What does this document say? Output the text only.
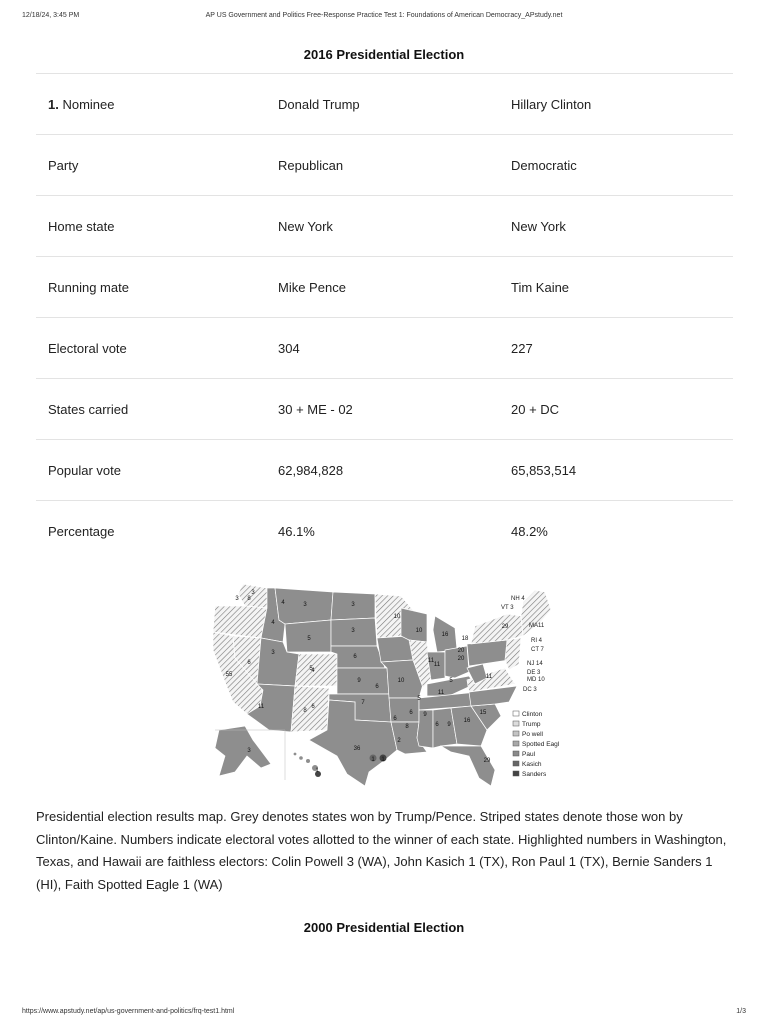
12/18/24, 3:45 PM	AP US Government and Politics Free-Response Practice Test 1: Foundations of American Democracy_APstudy.net
2016 Presidential Election
1. Nominee	Donald Trump	Hillary Clinton
Party	Republican	Democratic
Home state	New York	New York
Running mate	Mike Pence	Tim Kaine
Electoral vote	304	227
States carried	30 + ME - 02	20 + DC
Popular vote	62,984,828	65,853,514
Percentage	46.1%	48.2%
Clinton
Trump
Po well
Spotted Eagl
Paul
Kasich
Sanders
NH 4
VT 3
MA11
RI 4
CT 7
NJ 14
DE 3
MD 10
DC 3
3
8
4
3	3
10
3	10
16
29
55
6
3
5
6
5
9
20
11
18
6
6
10
20
11
11
9
6
8
5
7
6
8
11
5
36
6 9
16
15
29
3
1 1
4
1
2
3
4
11
Presidential election results map. Grey denotes states won by Trump/Pence. Striped states denote those won by Clinton/Kaine. Numbers indicate electoral votes allotted to the winner of each state. Highlighted numbers in Washington, Texas, and Hawaii are faithless electors: Colin Powell 3 (WA), John Kasich 1 (TX), Ron Paul 1 (TX), Bernie Sanders 1 (HI), Faith Spotted Eagle 1 (WA)
2000 Presidential Election
https://www.apstudy.net/ap/us-government-and-politics/frq-test1.html	1/3
